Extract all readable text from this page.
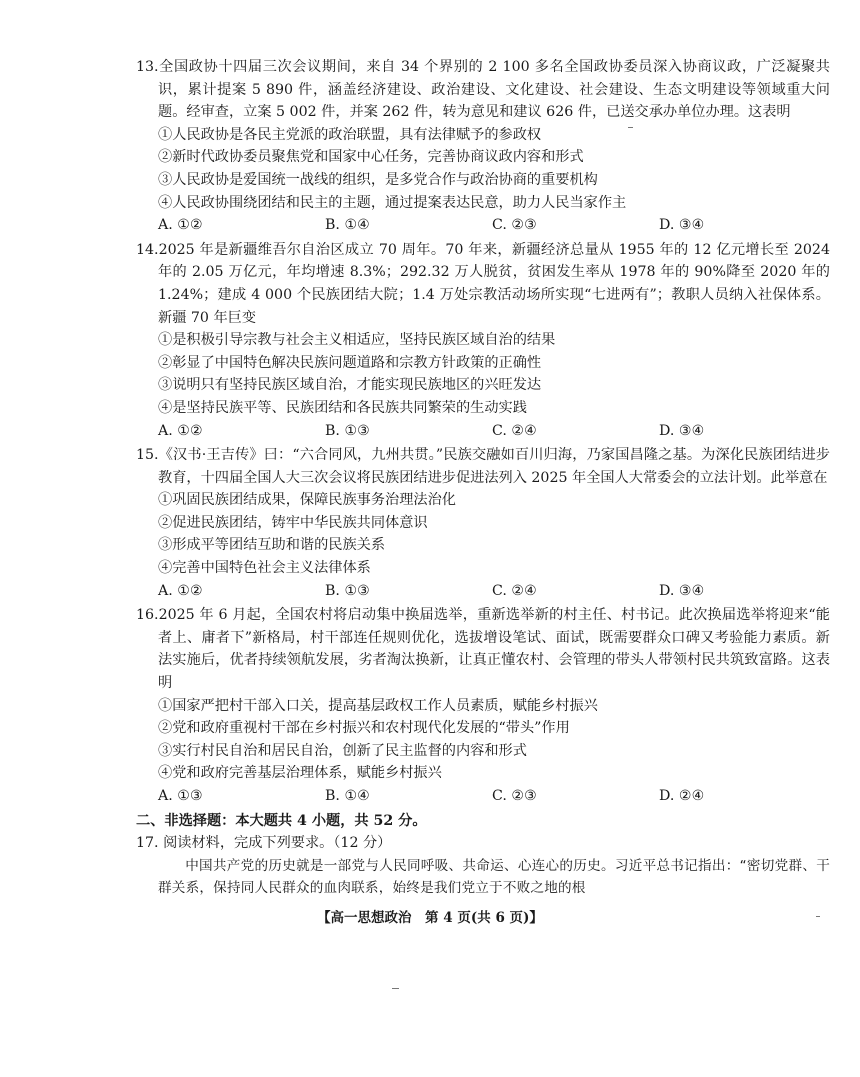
13.全国政协十四届三次会议期间，来自 34 个界别的 2 100 多名全国政协委员深入协商议政，广泛凝聚共识，累计提案 5 890 件，涵盖经济建设、政治建设、文化建设、社会建设、生态文明建设等领域重大问题。经审查，立案 5 002 件，并案 262 件，转为意见和建议 626 件，已送交承办单位办理。这表明
①人民政协是各民主党派的政治联盟，具有法律赋予的参政权
②新时代政协委员聚焦党和国家中心任务，完善协商议政内容和形式
③人民政协是爱国统一战线的组织，是多党合作与政治协商的重要机构
④人民政协围绕团结和民主的主题，通过提案表达民意，助力人民当家作主
A. ①②	B. ①④	C. ②③	D. ③④
14.2025 年是新疆维吾尔自治区成立 70 周年。70 年来，新疆经济总量从 1955 年的 12 亿元增长至 2024 年的 2.05 万亿元，年均增速 8.3%；292.32 万人脱贫，贫困发生率从 1978 年的 90%降至 2020 年的 1.24%；建成 4 000 个民族团结大院；1.4 万处宗教活动场所实现“七进两有”；教职人员纳入社保体系。新疆 70 年巨变
①是积极引导宗教与社会主义相适应，坚持民族区域自治的结果
②彰显了中国特色解决民族问题道路和宗教方针政策的正确性
③说明只有坚持民族区域自治，才能实现民族地区的兴旺发达
④是坚持民族平等、民族团结和各民族共同繁荣的生动实践
A. ①②	B. ①③	C. ②④	D. ③④
15.《汉书·王吉传》曰：“六合同风，九州共贯。”民族交融如百川归海，乃家国昌隆之基。为深化民族团结进步教育，十四届全国人大三次会议将民族团结进步促进法列入 2025 年全国人大常委会的立法计划。此举意在
①巩固民族团结成果，保障民族事务治理法治化
②促进民族团结，铸牢中华民族共同体意识
③形成平等团结互助和谐的民族关系
④完善中国特色社会主义法律体系
A. ①②	B. ①③	C. ②④	D. ③④
16.2025 年 6 月起，全国农村将启动集中换届选举，重新选举新的村主任、村书记。此次换届选举将迎来“能者上、庸者下”新格局，村干部连任规则优化，选拔增设笔试、面试，既需要群众口碑又考验能力素质。新法实施后，优者持续领航发展，劣者淘汰换新，让真正懂农村、会管理的带头人带领村民共筑致富路。这表明
①国家严把村干部入口关，提高基层政权工作人员素质，赋能乡村振兴
②党和政府重视村干部在乡村振兴和农村现代化发展的“带头”作用
③实行村民自治和居民自治，创新了民主监督的内容和形式
④党和政府完善基层治理体系，赋能乡村振兴
A. ①③	B. ①④	C. ②③	D. ②④
二、非选择题：本大题共 4 小题，共 52 分。
17. 阅读材料，完成下列要求。（12 分）
中国共产党的历史就是一部党与人民同呼吸、共命运、心连心的历史。习近平总书记指出：“密切党群、干群关系，保持同人民群众的血肉联系，始终是我们党立于不败之地的根
【高一思想政治　第 4 页(共 6 页)】
